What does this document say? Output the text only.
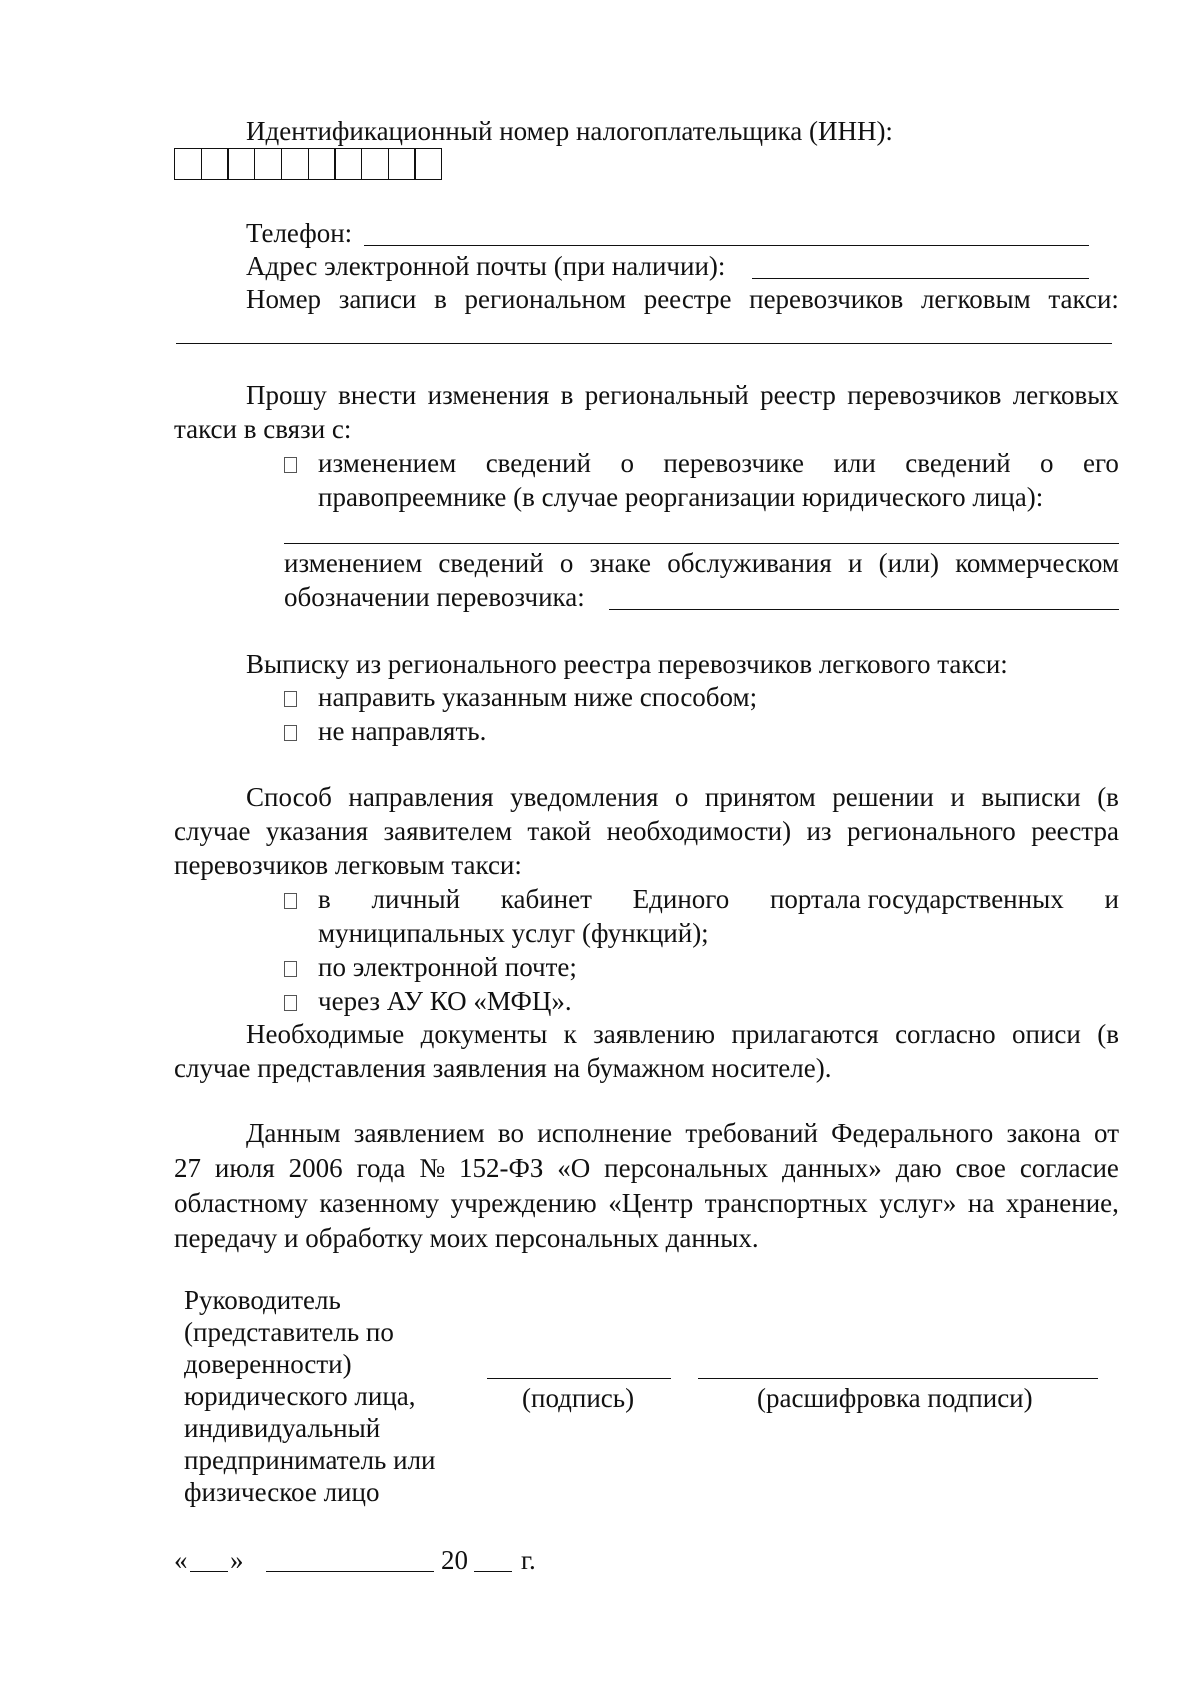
Идентификационный номер налогоплательщика (ИНН):
Телефон:
Адрес электронной почты (при наличии):
Номер записи в региональном реестре перевозчиков легковым такси:
Прошу внести изменения в региональный реестр перевозчиков легковых
такси в связи с:
изменением сведений о перевозчике или сведений о его
правопреемнике (в случае реорганизации юридического лица):
изменением сведений о знаке обслуживания и (или) коммерческом
обозначении перевозчика:
Выписку из регионального реестра перевозчиков легкового такси:
направить указанным ниже способом;
не направлять.
Способ направления уведомления о принятом решении и выписки (в
случае указания заявителем такой необходимости) из регионального реестра
перевозчиков легковым такси:
в личный кабинет Единого портала государственных и
муниципальных услуг (функций);
по электронной почте;
через АУ КО «МФЦ».
Необходимые документы к заявлению прилагаются согласно описи (в
случае представления заявления на бумажном носителе).
Данным заявлением во исполнение требований Федерального закона от
27 июля 2006 года № 152-ФЗ «О персональных данных» даю свое согласие
областному казенному учреждению «Центр транспортных услуг» на хранение,
передачу и обработку моих персональных данных.
Руководитель
(представитель по
доверенности)
юридического лица,
индивидуальный
предприниматель или
физическое лицо
(подпись)	(расшифровка подписи)
« »	20 г.
